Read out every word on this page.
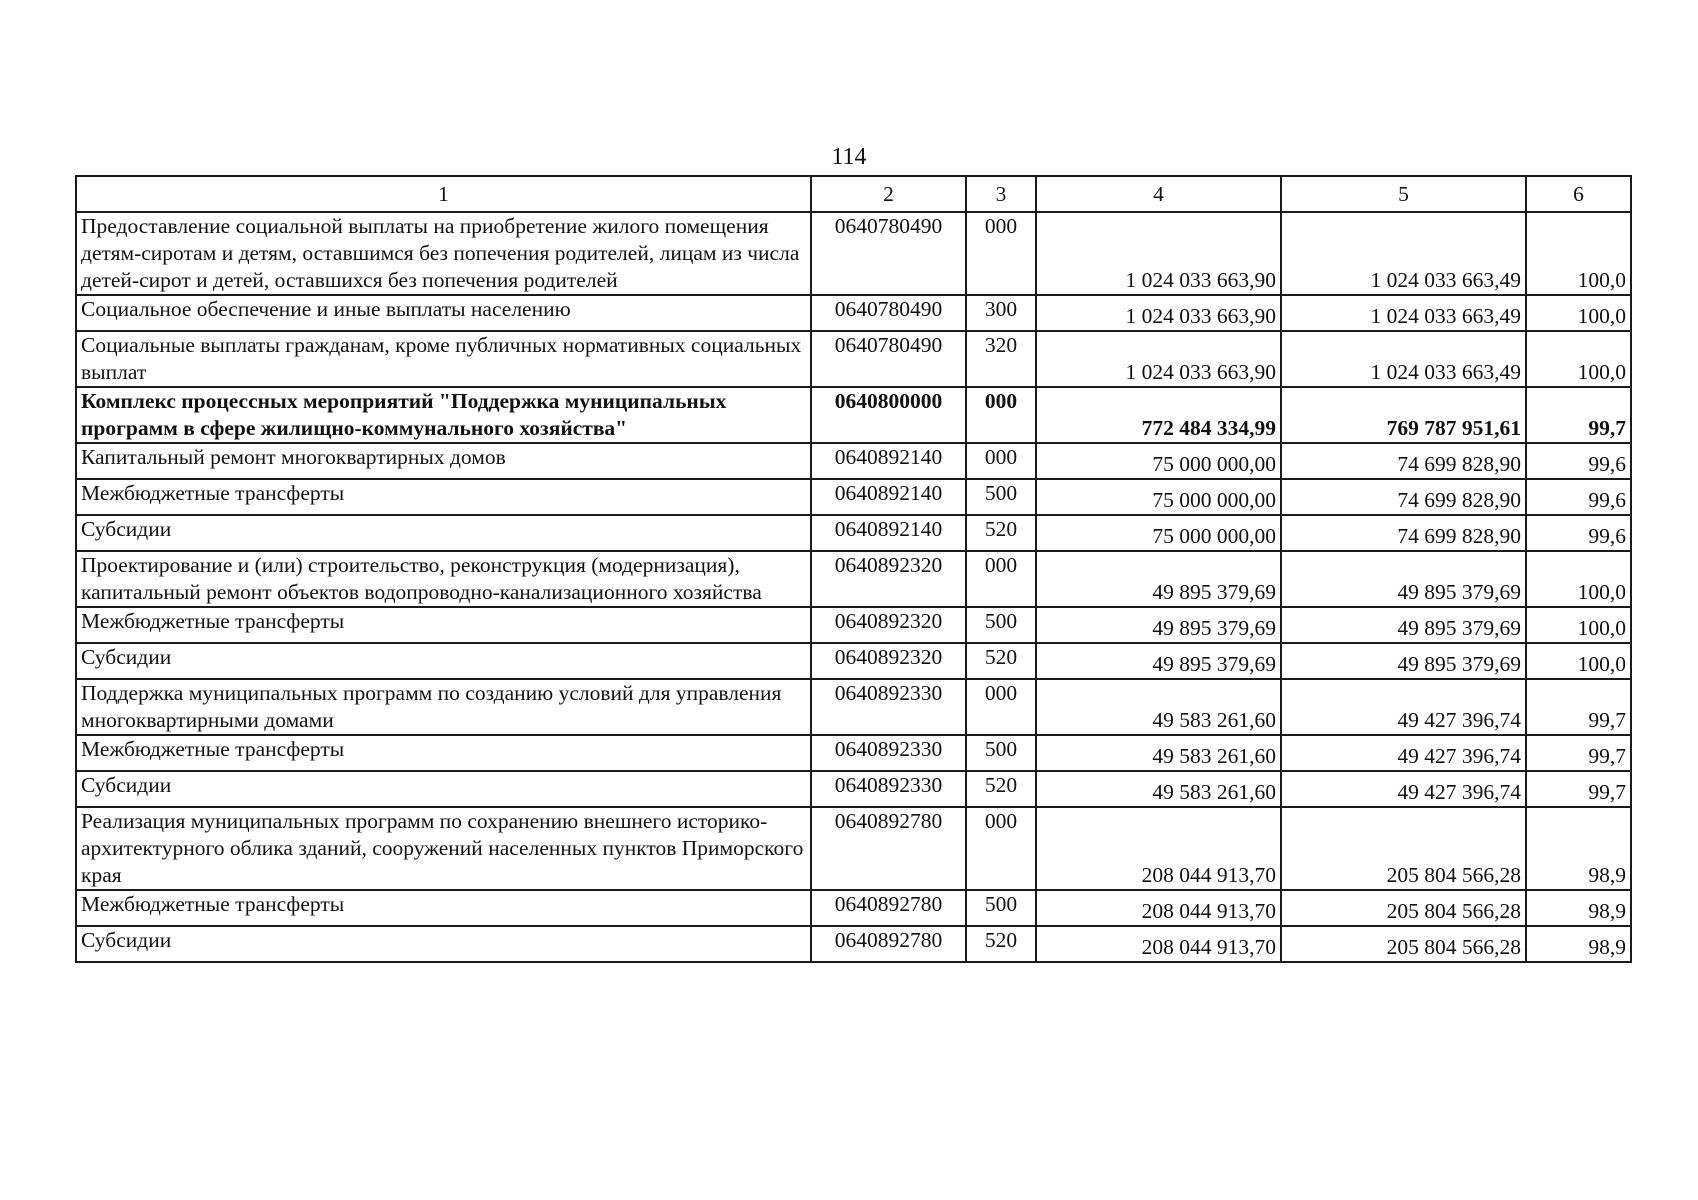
114
1	2	3	4	5	6
Предоставление социальной выплаты на приобретение жилого помещения детям-сиротам и детям, оставшимся без попечения родителей, лицам из числа детей-сирот и детей, оставшихся без попечения родителей	0640780490	000	1 024 033 663,90	1 024 033 663,49	100,0
Социальное обеспечение и иные выплаты населению	0640780490	300	1 024 033 663,90	1 024 033 663,49	100,0
Социальные выплаты гражданам, кроме публичных нормативных социальных выплат	0640780490	320	1 024 033 663,90	1 024 033 663,49	100,0
Комплекс процессных мероприятий "Поддержка муниципальных программ в сфере жилищно-коммунального хозяйства"	0640800000	000	772 484 334,99	769 787 951,61	99,7
Капитальный ремонт многоквартирных домов	0640892140	000	75 000 000,00	74 699 828,90	99,6
Межбюджетные трансферты	0640892140	500	75 000 000,00	74 699 828,90	99,6
Субсидии	0640892140	520	75 000 000,00	74 699 828,90	99,6
Проектирование и (или) строительство, реконструкция (модернизация), капитальный ремонт объектов водопроводно-канализационного хозяйства	0640892320	000	49 895 379,69	49 895 379,69	100,0
Межбюджетные трансферты	0640892320	500	49 895 379,69	49 895 379,69	100,0
Субсидии	0640892320	520	49 895 379,69	49 895 379,69	100,0
Поддержка муниципальных программ по созданию условий для управления многоквартирными домами	0640892330	000	49 583 261,60	49 427 396,74	99,7
Межбюджетные трансферты	0640892330	500	49 583 261,60	49 427 396,74	99,7
Субсидии	0640892330	520	49 583 261,60	49 427 396,74	99,7
Реализация муниципальных программ по сохранению внешнего историко-архитектурного облика зданий, сооружений населенных пунктов Приморского края	0640892780	000	208 044 913,70	205 804 566,28	98,9
Межбюджетные трансферты	0640892780	500	208 044 913,70	205 804 566,28	98,9
Субсидии	0640892780	520	208 044 913,70	205 804 566,28	98,9
